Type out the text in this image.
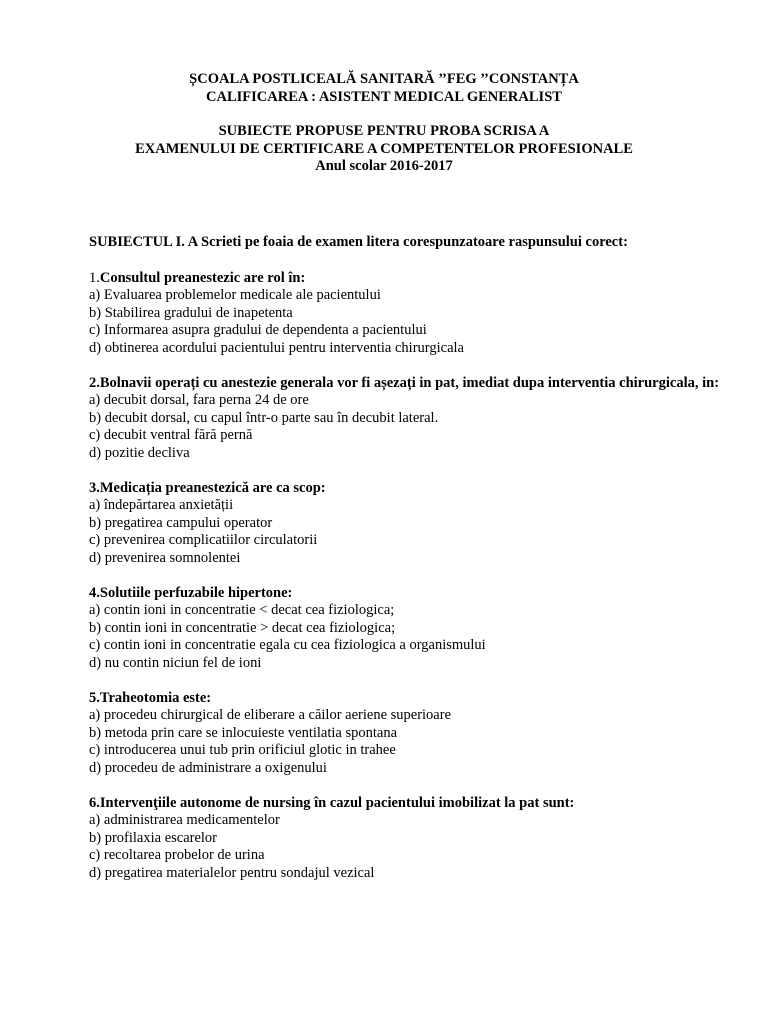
ȘCOALA POSTLICEALĂ SANITARĂ ’’FEG ’’CONSTANȚA
CALIFICAREA : ASISTENT MEDICAL GENERALIST
SUBIECTE PROPUSE PENTRU PROBA SCRISA A
EXAMENULUI DE CERTIFICARE A COMPETENTELOR PROFESIONALE
Anul scolar 2016-2017
SUBIECTUL I. A Scrieti pe foaia de examen litera corespunzatoare raspunsului corect:
1.Consultul preanestezic are rol în:
a) Evaluarea problemelor medicale ale pacientului
b) Stabilirea gradului de inapetenta
c) Informarea asupra gradului de dependenta a pacientului
d) obtinerea acordului pacientului pentru interventia chirurgicala
2.Bolnavii operați cu anestezie generala vor fi așezați in pat, imediat dupa interventia chirurgicala, in:
a) decubit dorsal, fara perna 24 de ore
b) decubit dorsal, cu capul într-o parte sau în decubit lateral.
c) decubit ventral fără pernă
d) pozitie decliva
3.Medicația preanestezică are ca scop:
a) îndepărtarea anxietății
b) pregatirea campului operator
c) prevenirea complicatiilor circulatorii
d) prevenirea somnolentei
4.Solutiile perfuzabile hipertone:
a) contin ioni in concentratie < decat cea fiziologica;
b) contin ioni in concentratie > decat cea fiziologica;
c) contin ioni in concentratie egala cu cea fiziologica a organismului
d) nu contin niciun fel de ioni
5.Traheotomia este:
a) procedeu chirurgical de eliberare a căilor aeriene superioare
b) metoda prin care se inlocuieste ventilatia spontana
c) introducerea unui tub prin orificiul glotic in trahee
d) procedeu de administrare a oxigenului
6.Intervenţiile autonome de nursing în cazul pacientului imobilizat la pat sunt:
a) administrarea medicamentelor
b) profilaxia escarelor
c) recoltarea probelor de urina
d) pregatirea materialelor pentru sondajul vezical
